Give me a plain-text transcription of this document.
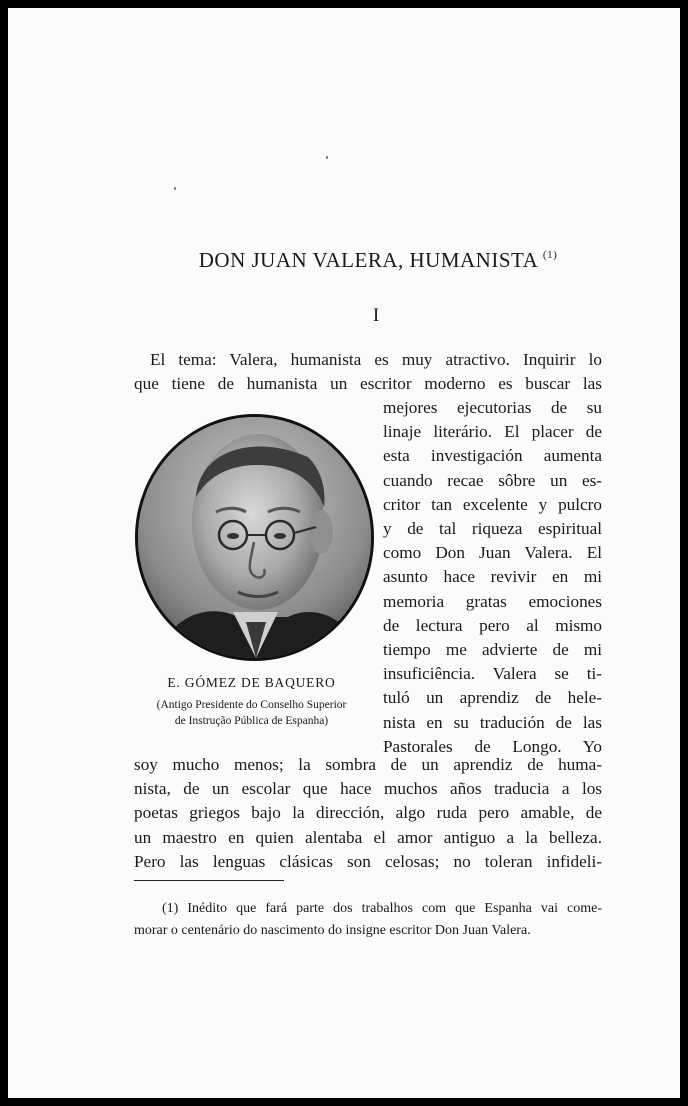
DON JUAN VALERA, HUMANISTA $^{(1)}$
I
El tema: Valera, humanista es muy atractivo. Inquirir lo
que tiene de humanista un escritor moderno es buscar las
mejores ejecutorias de su
linaje literário. El placer de
esta investigación aumenta
cuando recae sôbre un es-
critor tan excelente y pulcro
y de tal riqueza espiritual
como Don Juan Valera. El
asunto hace revivir en mi
memoria gratas emociones
de lectura pero al mismo
tiempo me advierte de mi
insuficiência. Valera se ti-
tuló un aprendiz de hele-
nista en su tradución de las
Pastorales de Longo. Yo
E. GÓMEZ DE BAQUERO
(Antigo Presidente do Conselho Superior
de Instrução Pública de Espanha)
soy mucho menos; la sombra de un aprendiz de huma-
nista, de un escolar que hace muchos años traducia a los
poetas griegos bajo la dirección, algo ruda pero amable, de
un maestro en quien alentaba el amor antiguo a la belleza.
Pero las lenguas clásicas son celosas; no toleran infideli-
(1) Inédito que fará parte dos trabalhos com que Espanha vai come-
morar o centenário do nascimento do insigne escritor Don Juan Valera.
